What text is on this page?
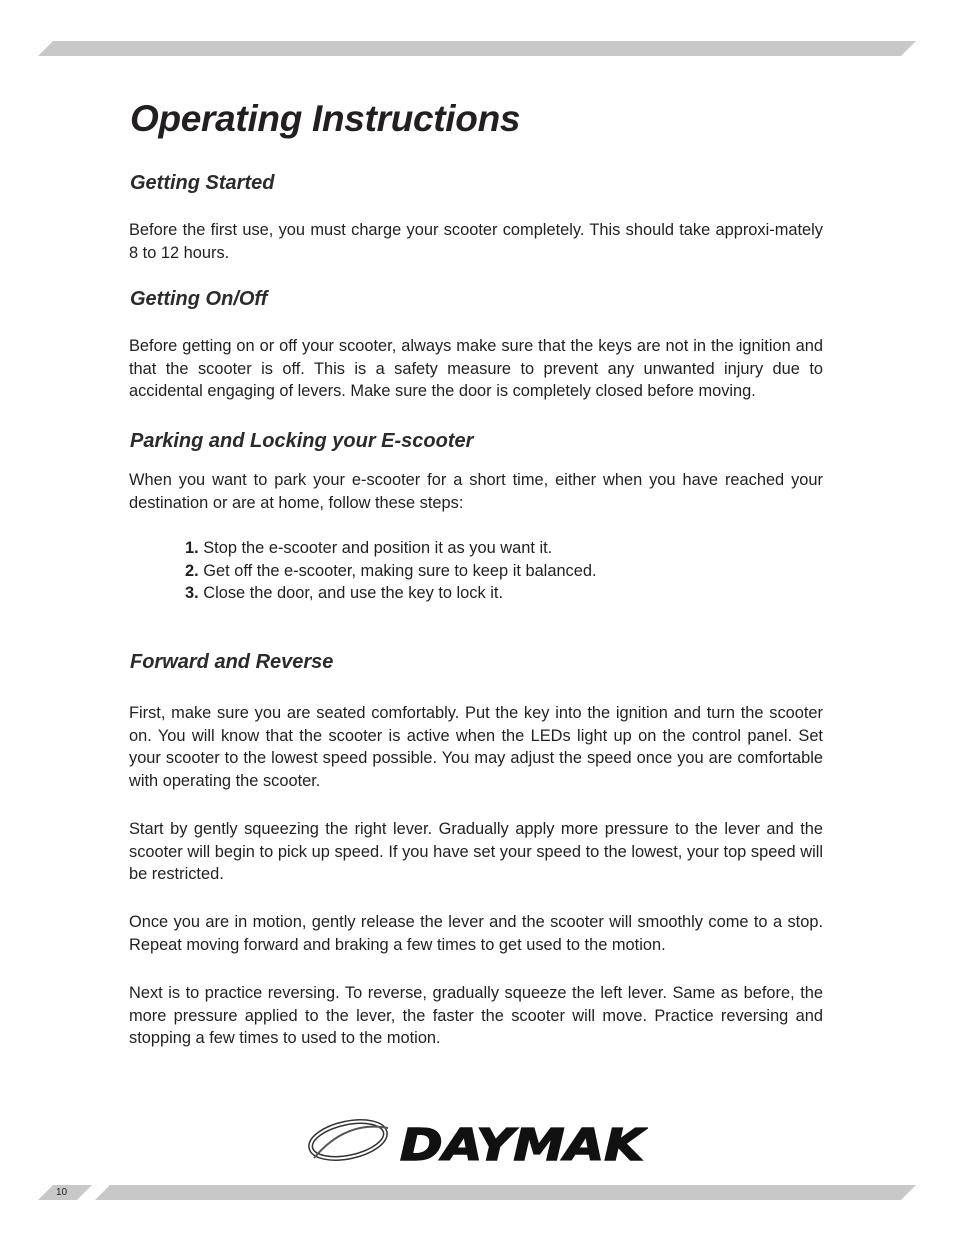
Operating Instructions
Getting Started

Before the first use, you must charge your scooter completely. This should take approxi-mately 8 to 12 hours.

Getting On/Off

Before getting on or off your scooter, always make sure that the keys are not in the ignition and that the scooter is off. This is a safety measure to prevent any unwanted injury due to accidental engaging of levers. Make sure the door is completely closed before moving.

Parking and Locking your E-scooter

When you want to park your e-scooter for a short time, either when you have reached your destination or are at home, follow these steps:

1. Stop the e-scooter and position it as you want it.
2. Get off the e-scooter, making sure to keep it balanced.
3. Close the door, and use the key to lock it.
Forward and Reverse

First, make sure you are seated comfortably. Put the key into the ignition and turn the scooter on. You will know that the scooter is active when the LEDs light up on the control panel. Set your scooter to the lowest speed possible. You may adjust the speed once you are comfortable with operating the scooter.

Start by gently squeezing the right lever. Gradually apply more pressure to the lever and the scooter will begin to pick up speed. If you have set your speed to the lowest, your top speed will be restricted.

Once you are in motion, gently release the lever and the scooter will smoothly come to a stop. Repeat moving forward and braking a few times to get used to the motion.

Next is to practice reversing. To reverse, gradually squeeze the left lever. Same as before, the more pressure applied to the lever, the faster the scooter will move. Practice reversing and stopping a few times to used to the motion.

DAYMAK
10
